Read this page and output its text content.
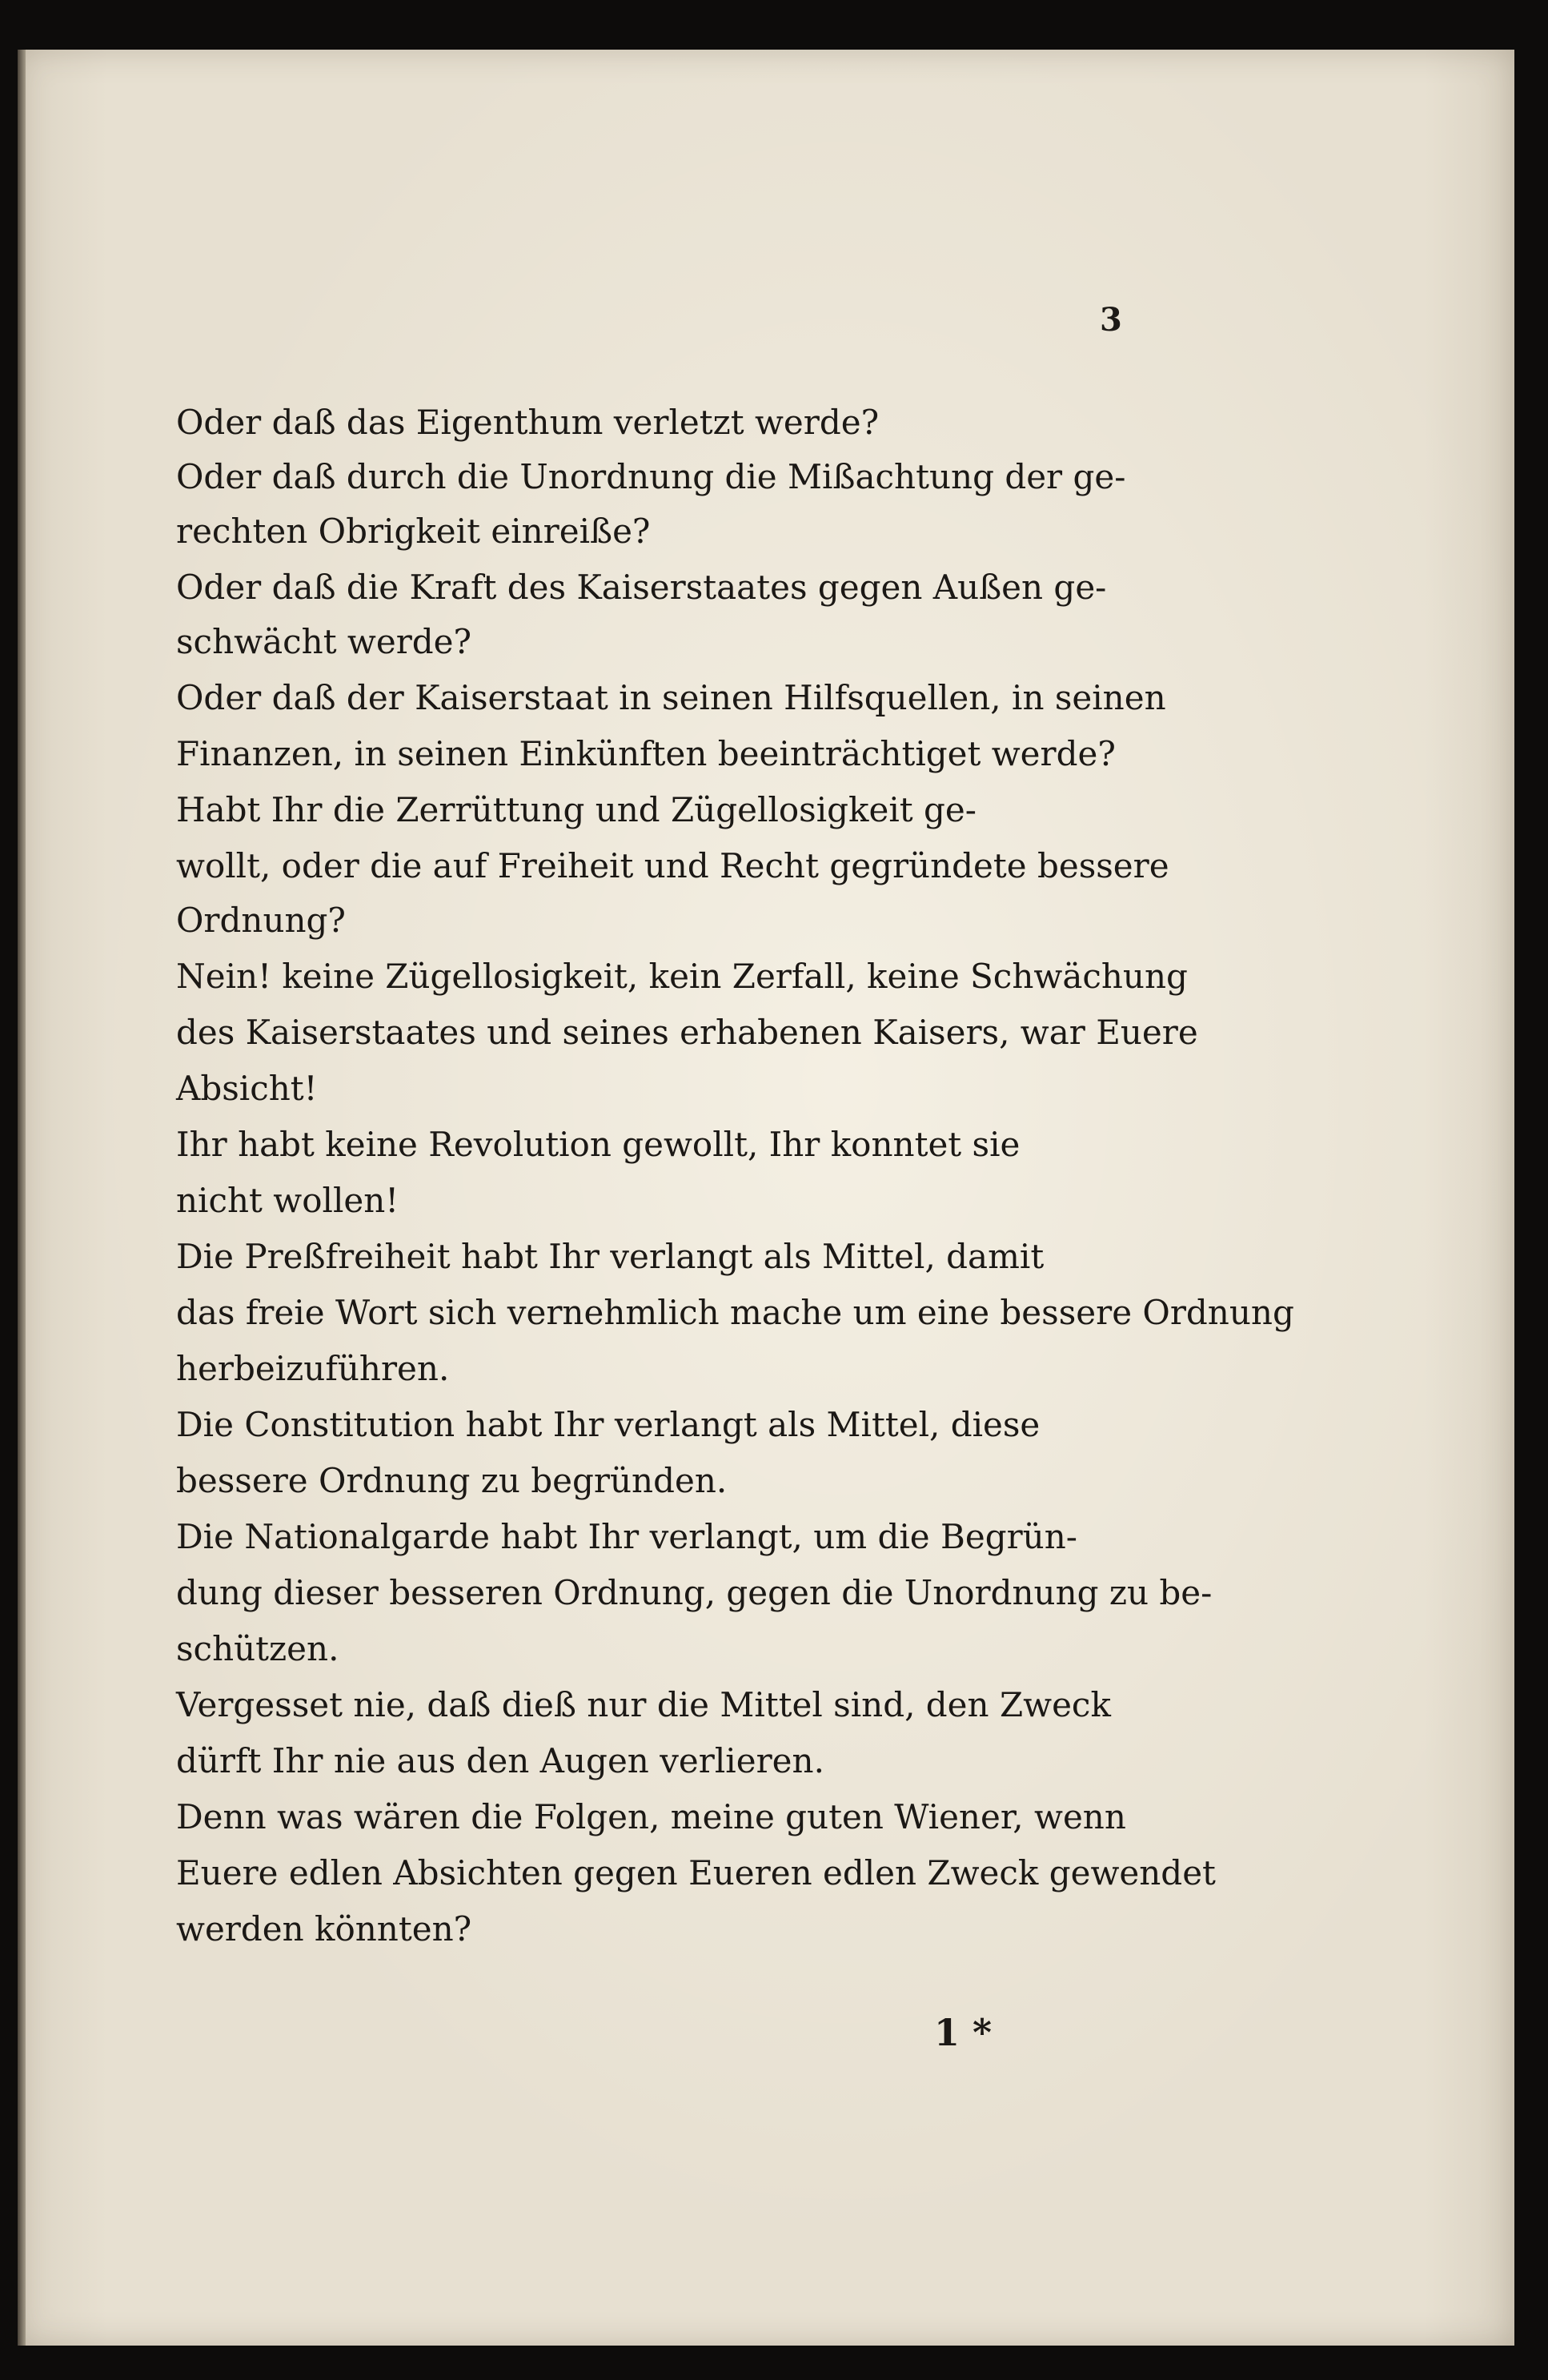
3
Oder daß das Eigenthum verletzt werde?
Oder daß durch die Unordnung die Mißachtung der ge-
rechten Obrigkeit einreiße?
Oder daß die Kraft des Kaiserstaates gegen Außen ge-
schwächt werde?
Oder daß der Kaiserstaat in seinen Hilfsquellen, in seinen
Finanzen, in seinen Einkünften beeinträchtiget werde?
Habt Ihr die Zerrüttung und Zügellosigkeit ge-
wollt, oder die auf Freiheit und Recht gegründete bessere
Ordnung?
Nein! keine Zügellosigkeit, kein Zerfall, keine Schwächung
des Kaiserstaates und seines erhabenen Kaisers, war Euere
Absicht!
Ihr habt keine Revolution gewollt, Ihr konntet sie
nicht wollen!
Die Preßfreiheit habt Ihr verlangt als Mittel, damit
das freie Wort sich vernehmlich mache um eine bessere Ordnung
herbeizuführen.
Die Constitution habt Ihr verlangt als Mittel, diese
bessere Ordnung zu begründen.
Die Nationalgarde habt Ihr verlangt, um die Begrün-
dung dieser besseren Ordnung, gegen die Unordnung zu be-
schützen.
Vergesset nie, daß dieß nur die Mittel sind, den Zweck
dürft Ihr nie aus den Augen verlieren.
Denn was wären die Folgen, meine guten Wiener, wenn
Euere edlen Absichten gegen Eueren edlen Zweck gewendet
werden könnten?
1 *
